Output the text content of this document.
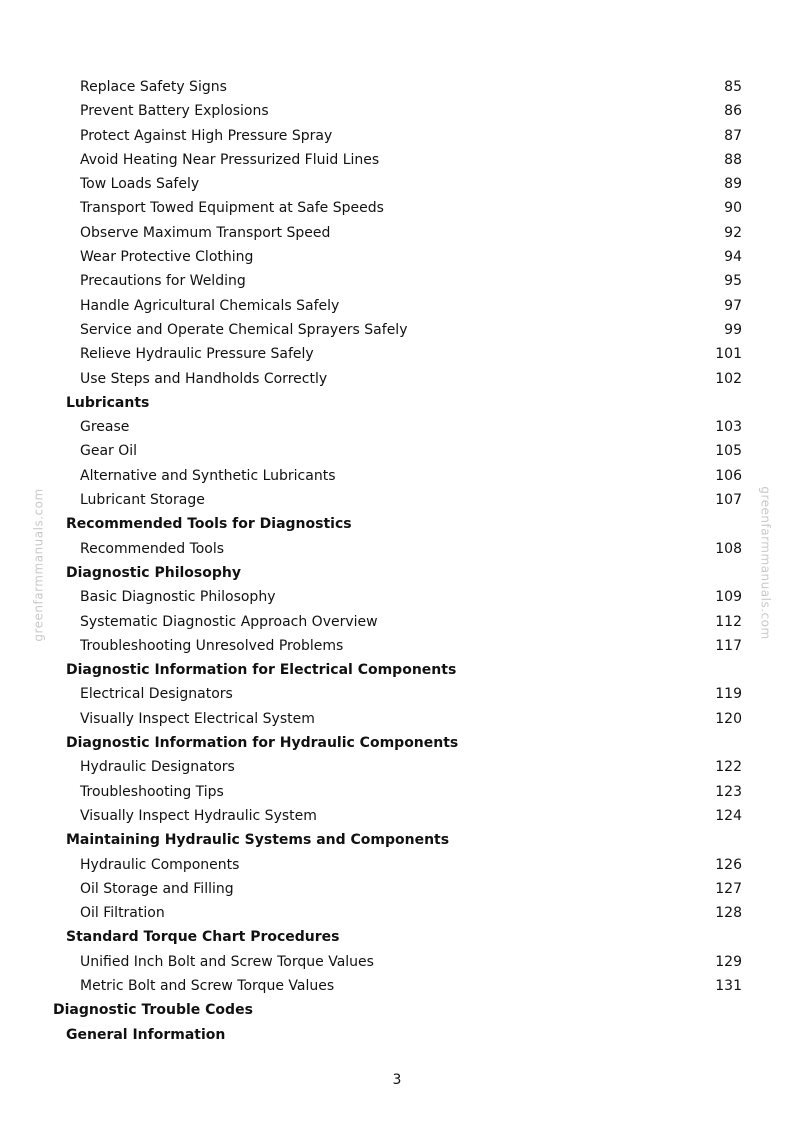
Replace Safety Signs	85
Prevent Battery Explosions	86
Protect Against High Pressure Spray	87
Avoid Heating Near Pressurized Fluid Lines	88
Tow Loads Safely	89
Transport Towed Equipment at Safe Speeds	90
Observe Maximum Transport Speed	92
Wear Protective Clothing	94
Precautions for Welding	95
Handle Agricultural Chemicals Safely	97
Service and Operate Chemical Sprayers Safely	99
Relieve Hydraulic Pressure Safely	101
Use Steps and Handholds Correctly	102
Lubricants
Grease	103
Gear Oil	105
Alternative and Synthetic Lubricants	106
Lubricant Storage	107
Recommended Tools for Diagnostics
Recommended Tools	108
Diagnostic Philosophy
Basic Diagnostic Philosophy	109
Systematic Diagnostic Approach Overview	112
Troubleshooting Unresolved Problems	117
Diagnostic Information for Electrical Components
Electrical Designators	119
Visually Inspect Electrical System	120
Diagnostic Information for Hydraulic Components
Hydraulic Designators	122
Troubleshooting Tips	123
Visually Inspect Hydraulic System	124
Maintaining Hydraulic Systems and Components
Hydraulic Components	126
Oil Storage and Filling	127
Oil Filtration	128
Standard Torque Chart Procedures
Unified Inch Bolt and Screw Torque Values	129
Metric Bolt and Screw Torque Values	131
Diagnostic Trouble Codes
General Information
greenfarmmanuals.com	greenfarmmanuals.com
3
